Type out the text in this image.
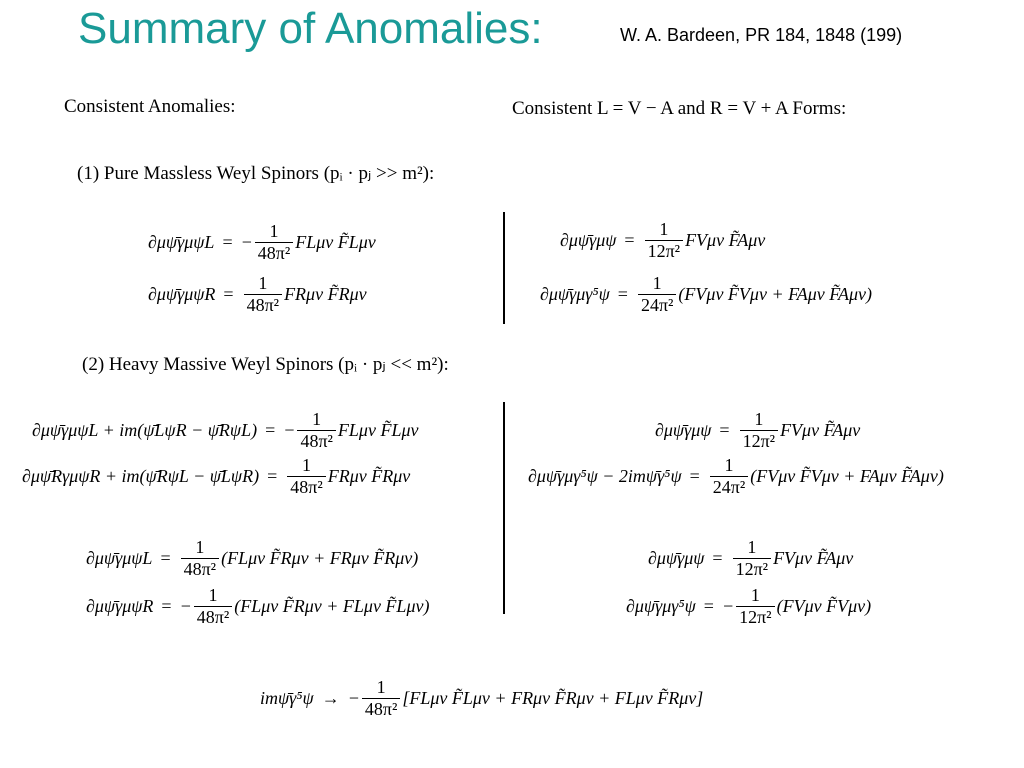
Summary of Anomalies:	W. A. Bardeen, PR 184, 1848 (199)
Consistent Anomalies:	Consistent L = V − A and R = V + A Forms:
(1) Pure Massless Weyl Spinors (pᵢ · pⱼ >> m²):
∂μψ̄γμψL = − $\frac{1}{\text{48π²}}$ FLμν F̃Lμν
∂μψ̄γμψR = $\frac{1}{\text{48π²}}$ FRμν F̃Rμν
∂μψ̄γμψ = $\frac{1}{\text{12π²}}$ FVμν F̃Aμν
∂μψ̄γμγ⁵ψ = $\frac{1}{\text{24π²}} (FV\mu\nu$ F̃Vμν + FAμν F̃Aμν)
(2) Heavy Massive Weyl Spinors (pᵢ · pⱼ << m²):
∂μψ̄γμψL + im(ψ̄LψR − ψ̄RψL) = − $\frac{1}{\text{48π²}}$ FLμν F̃Lμν
∂μψ̄RγμψR + im(ψ̄RψL − ψ̄LψR) = $\frac{1}{\text{48π²}}$ FRμν F̃Rμν
∂μψ̄γμψ = $\frac{1}{\text{12π²}}$ FVμν F̃Aμν
∂μψ̄γμγ⁵ψ − 2imψ̄γ⁵ψ = $\frac{1}{\text{24π²}} (FV\mu\nu$ F̃Vμν + FAμν F̃Aμν)
∂μψ̄γμψL = $\frac{1}{\text{48π²}} (FL\mu\nu$ F̃Rμν + FRμν F̃Rμν)
∂μψ̄γμψR = − $\frac{1}{\text{48π²}} (FL\mu\nu$ F̃Rμν + FLμν F̃Lμν)
∂μψ̄γμψ = $\frac{1}{\text{12π²}}$ FVμν F̃Aμν
∂μψ̄γμγ⁵ψ = − $\frac{1}{\text{12π²}} (FV\mu\nu$ F̃Vμν)
imψ̄γ⁵ψ → − $\frac{1}{\text{48π²}} [FL\mu\nu$ F̃Lμν + FRμν F̃Rμν + FLμν F̃Rμν]
